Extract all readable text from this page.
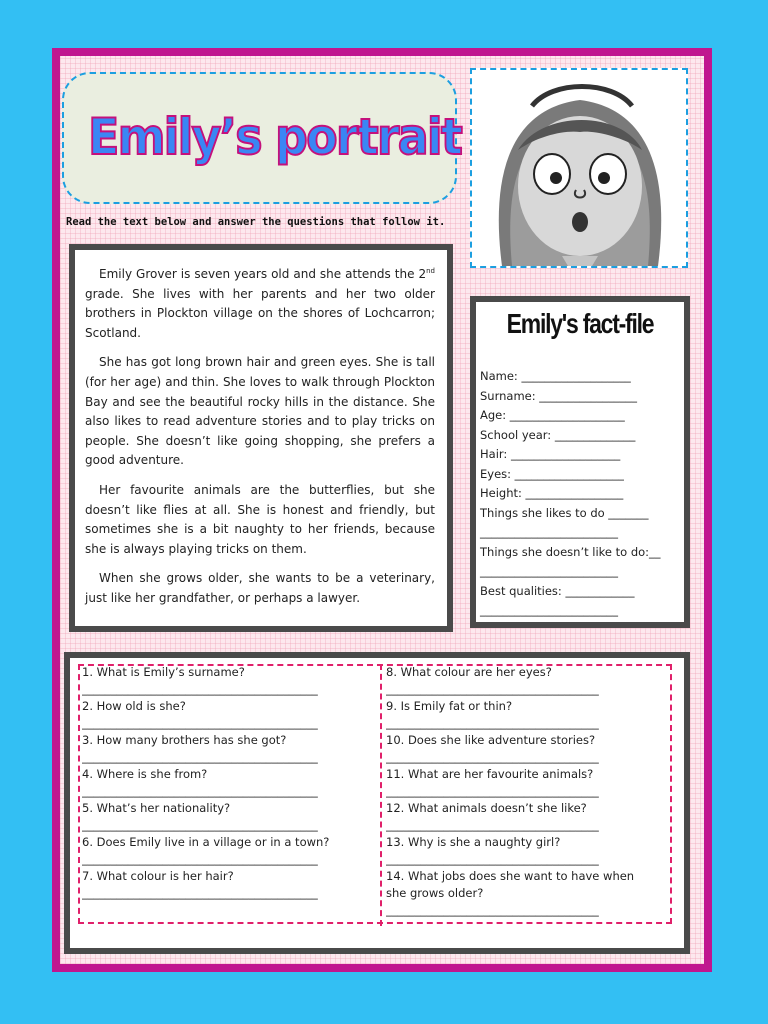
Emily’s portrait
Read the text below and answer the questions that follow it.

Emily Grover is seven years old and she attends the 2nd grade. She lives with her parents and her two older brothers in Plockton village on the shores of Lochcarron; Scotland.

She has got long brown hair and green eyes. She is tall (for her age) and thin. She loves to walk through Plockton Bay and see the beautiful rocky hills in the distance. She also likes to read adventure stories and to play tricks on people. She doesn’t like going shopping, she prefers a good adventure.

Her favourite animals are the butterflies, but she doesn’t like flies at all. She is honest and friendly, but sometimes she is a bit naughty to her friends, because she is always playing tricks on them.

When she grows older, she wants to be a veterinary, just like her grandfather, or perhaps a lawyer.

Emily's fact-file
Name: ___________________
Surname: _________________
Age: ____________________
School year: ______________
Hair: ___________________
Eyes: ___________________
Height: _________________
Things she likes to do _______
________________________
Things she doesn’t like to do:__
________________________
Best qualities: ____________
________________________
1. What is Emily’s surname?
_________________________________________
2. How old is she?
_________________________________________
3. How many brothers has she got?
_________________________________________
4. Where is she from?
_________________________________________
5. What’s her nationality?
_________________________________________
6. Does Emily live in a village or in a town?
_________________________________________
7. What colour is her hair?
_________________________________________
8. What colour are her eyes?
_____________________________________
9. Is Emily fat or thin?
_____________________________________
10. Does she like adventure stories?
_____________________________________
11. What are her favourite animals?
_____________________________________
12. What animals doesn’t she like?
_____________________________________
13. Why is she a naughty girl?
_____________________________________
14. What jobs does she want to have when
she grows older?
_____________________________________
